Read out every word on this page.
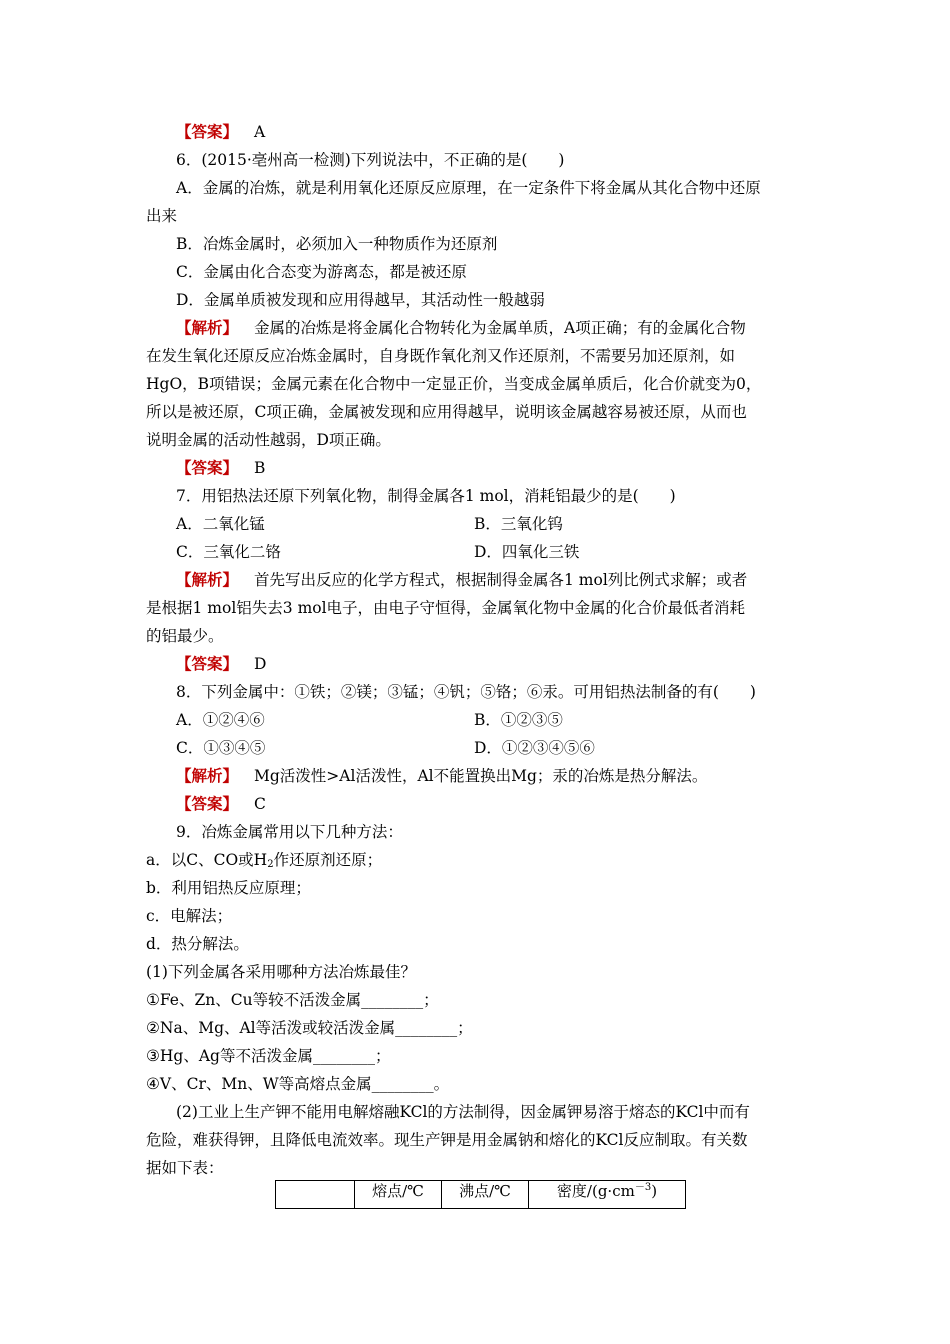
【答案】 A
6．(2015·亳州高一检测)下列说法中，不正确的是(　　)
A．金属的冶炼，就是利用氧化还原反应原理，在一定条件下将金属从其化合物中还原
出来
B．冶炼金属时，必须加入一种物质作为还原剂
C．金属由化合态变为游离态，都是被还原
D．金属单质被发现和应用得越早，其活动性一般越弱
【解析】 金属的冶炼是将金属化合物转化为金属单质，A项正确；有的金属化合物
在发生氧化还原反应冶炼金属时，自身既作氧化剂又作还原剂，不需要另加还原剂，如
HgO，B项错误；金属元素在化合物中一定显正价，当变成金属单质后，化合价就变为0，
所以是被还原，C项正确，金属被发现和应用得越早，说明该金属越容易被还原，从而也
说明金属的活动性越弱，D项正确。
【答案】 B
7．用铝热法还原下列氧化物，制得金属各1 mol，消耗铝最少的是(　　)
A．二氧化锰	B．三氧化钨
C．三氧化二铬	D．四氧化三铁
【解析】 首先写出反应的化学方程式，根据制得金属各1 mol列比例式求解；或者
是根据1 mol铝失去3 mol电子，由电子守恒得，金属氧化物中金属的化合价最低者消耗
的铝最少。
【答案】 D
8．下列金属中：①铁；②镁；③锰；④钒；⑤铬；⑥汞。可用铝热法制备的有(　　)
A．①②④⑥	B．①②③⑤
C．①③④⑤	D．①②③④⑤⑥
【解析】 Mg活泼性>Al活泼性，Al不能置换出Mg；汞的冶炼是热分解法。
【答案】 C
9．冶炼金属常用以下几种方法：
a．以C、CO或$H_2$作还原剂还原；
b．利用铝热反应原理；
c．电解法；
d．热分解法。
(1)下列金属各采用哪种方法冶炼最佳？
①Fe、Zn、Cu等较不活泼金属________；
②Na、Mg、Al等活泼或较活泼金属________；
③Hg、Ag等不活泼金属________；
④V、Cr、Mn、W等高熔点金属________。
(2)工业上生产钾不能用电解熔融KCl的方法制得，因金属钾易溶于熔态的KCl中而有
危险，难获得钾，且降低电流效率。现生产钾是用金属钠和熔化的KCl反应制取。有关数
据如下表：
	熔点/℃	沸点/℃	密度$/(g\cdot cm^{-3})$
